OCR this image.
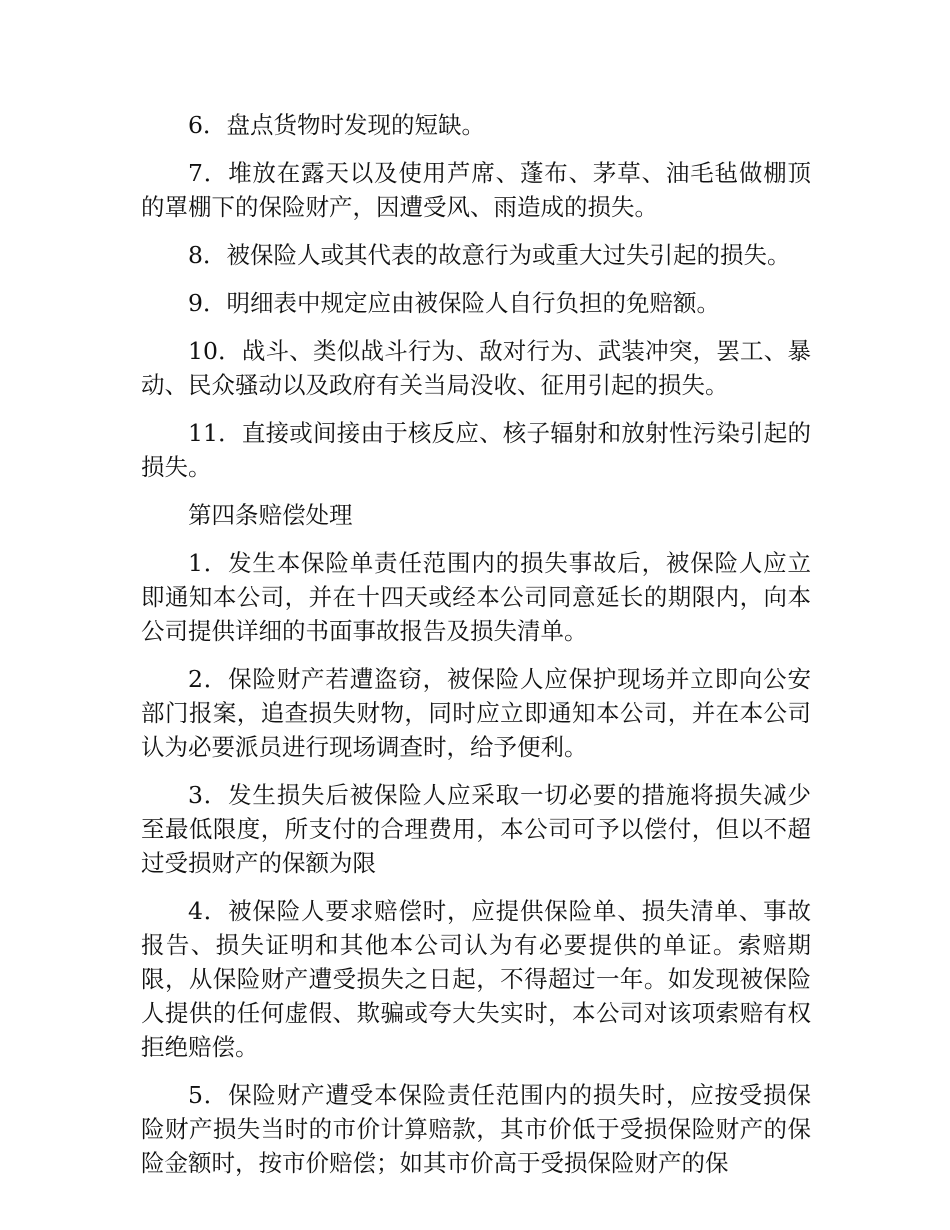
6．盘点货物时发现的短缺。

7．堆放在露天以及使用芦席、蓬布、茅草、油毛毡做棚顶的罩棚下的保险财产，因遭受风、雨造成的损失。

8．被保险人或其代表的故意行为或重大过失引起的损失。

9．明细表中规定应由被保险人自行负担的免赔额。

10．战斗、类似战斗行为、敌对行为、武装冲突，罢工、暴动、民众骚动以及政府有关当局没收、征用引起的损失。

11．直接或间接由于核反应、核子辐射和放射性污染引起的损失。

第四条赔偿处理

1．发生本保险单责任范围内的损失事故后，被保险人应立即通知本公司，并在十四天或经本公司同意延长的期限内，向本公司提供详细的书面事故报告及损失清单。

2．保险财产若遭盗窃，被保险人应保护现场并立即向公安部门报案，追查损失财物，同时应立即通知本公司，并在本公司认为必要派员进行现场调查时，给予便利。

3．发生损失后被保险人应采取一切必要的措施将损失减少至最低限度，所支付的合理费用，本公司可予以偿付，但以不超过受损财产的保额为限

4．被保险人要求赔偿时，应提供保险单、损失清单、事故报告、损失证明和其他本公司认为有必要提供的单证。索赔期限，从保险财产遭受损失之日起，不得超过一年。如发现被保险人提供的任何虚假、欺骗或夸大失实时，本公司对该项索赔有权拒绝赔偿。

5．保险财产遭受本保险责任范围内的损失时，应按受损保险财产损失当时的市价计算赔款，其市价低于受损保险财产的保险金额时，按市价赔偿；如其市价高于受损保险财产的保
